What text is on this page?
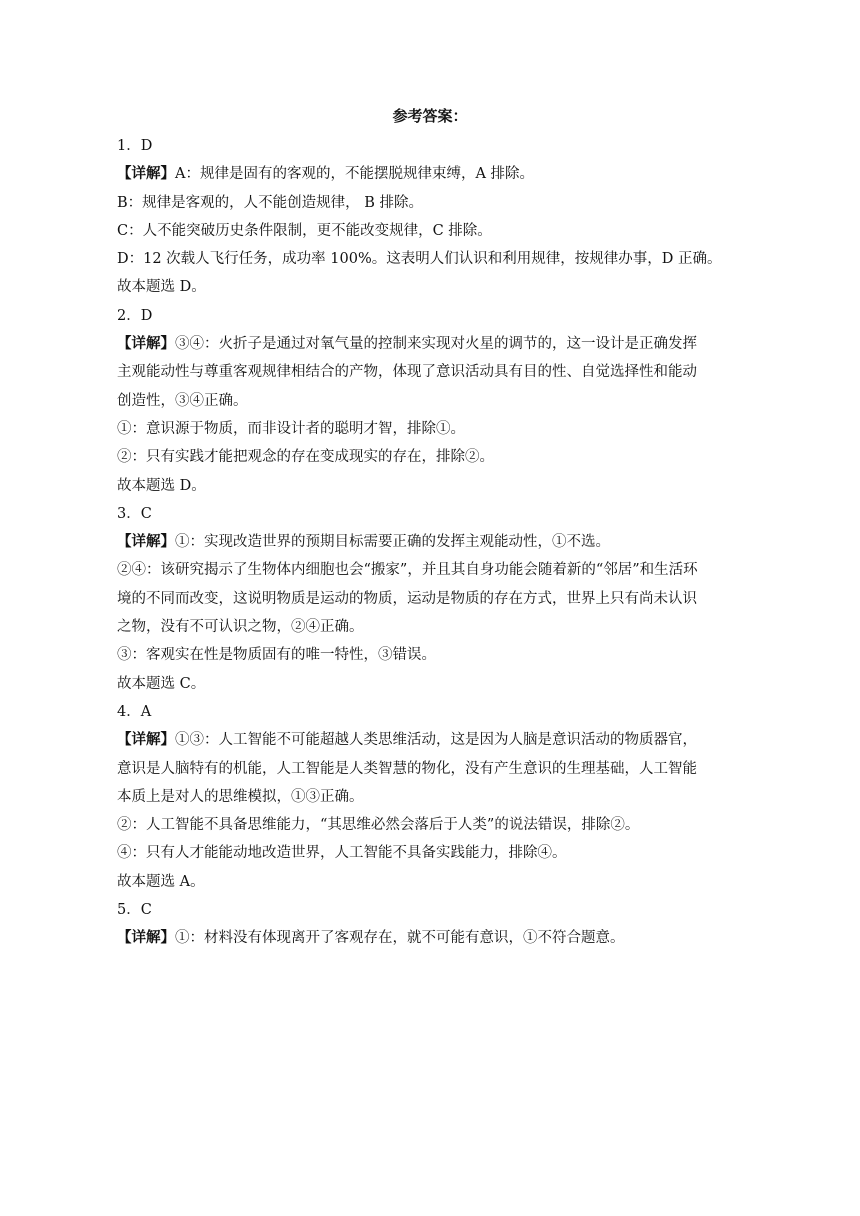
参考答案：
1．D
【详解】A：规律是固有的客观的，不能摆脱规律束缚，A 排除。
B：规律是客观的，人不能创造规律， B 排除。
C：人不能突破历史条件限制，更不能改变规律，C 排除。
D：12 次载人飞行任务，成功率 100%。这表明人们认识和利用规律，按规律办事，D 正确。
故本题选 D。
2．D
【详解】③④：火折子是通过对氧气量的控制来实现对火星的调节的，这一设计是正确发挥
主观能动性与尊重客观规律相结合的产物，体现了意识活动具有目的性、自觉选择性和能动
创造性，③④正确。
①：意识源于物质，而非设计者的聪明才智，排除①。
②：只有实践才能把观念的存在变成现实的存在，排除②。
故本题选 D。
3．C
【详解】①：实现改造世界的预期目标需要正确的发挥主观能动性，①不选。
②④：该研究揭示了生物体内细胞也会“搬家”，并且其自身功能会随着新的“邻居”和生活环
境的不同而改变，这说明物质是运动的物质，运动是物质的存在方式，世界上只有尚未认识
之物，没有不可认识之物，②④正确。
③：客观实在性是物质固有的唯一特性，③错误。
故本题选 C。
4．A
【详解】①③：人工智能不可能超越人类思维活动，这是因为人脑是意识活动的物质器官，
意识是人脑特有的机能，人工智能是人类智慧的物化，没有产生意识的生理基础，人工智能
本质上是对人的思维模拟，①③正确。
②：人工智能不具备思维能力，“其思维必然会落后于人类”的说法错误，排除②。
④：只有人才能能动地改造世界，人工智能不具备实践能力，排除④。
故本题选 A。
5．C
【详解】①：材料没有体现离开了客观存在，就不可能有意识，①不符合题意。
